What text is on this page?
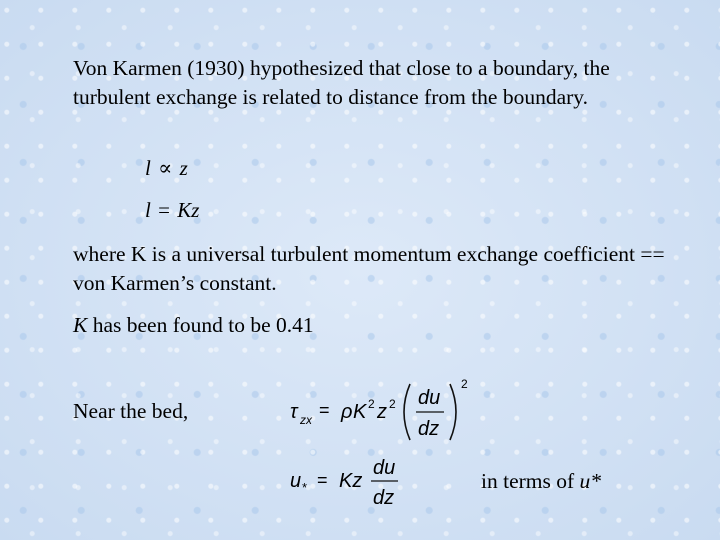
Von Karmen (1930) hypothesized that close to a boundary, the turbulent exchange is related to distance from the boundary.

l ∝ z
l = Kz

where K is a universal turbulent momentum exchange coefficient == von Karmen’s constant.

K has been found to be 0.41

Near the bed,	τ zx = ρ K 2 z 2 du
dz
2
u * = Kz
du
dz

in terms of u*
